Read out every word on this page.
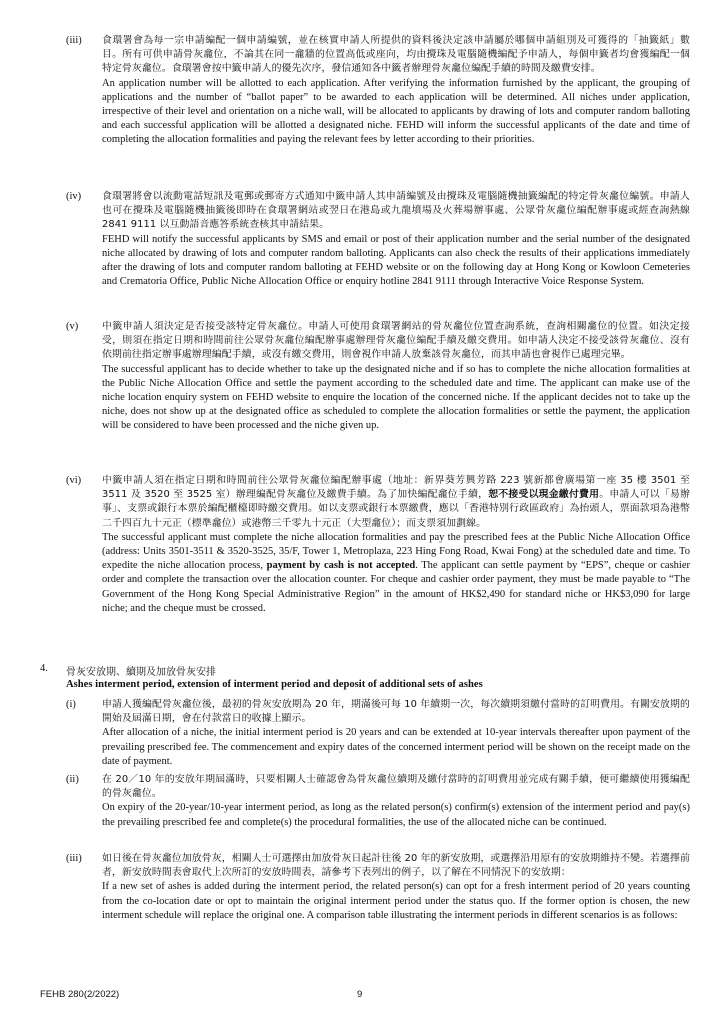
(iii) 食環署會為每一宗申請編配一個申請編號，並在核實申請人所提供的資料後決定該申請屬於哪個申請組別及可獲得的「抽籤紙」數目。所有可供申請骨灰龕位，不論其在同一龕牆的位置高低或座向，均由攪珠及電腦隨機編配予申請人，每個申籤者均會獲編配一個特定骨灰龕位。食環署會按中籤申請人的優先次序，發信通知各中籤者辦理骨灰龕位編配手續的時間及繳費安排。
An application number will be allotted to each application. After verifying the information furnished by the applicant, the grouping of applications and the number of “ballot paper” to be awarded to each application will be determined. All niches under application, irrespective of their level and orientation on a niche wall, will be allocated to applicants by drawing of lots and computer random balloting and each successful application will be allotted a designated niche. FEHD will inform the successful applicants of the date and time of completing the allocation formalities and paying the relevant fees by letter according to their priorities.
(iv) 食環署將會以流動電話短訊及電郵或郵寄方式通知中籤申請人其申請編號及由攪珠及電腦隨機抽籤編配的特定骨灰龕位編號。申請人也可在攪珠及電腦隨機抽籤後即時在食環署網站或翌日在港島或九龍墳場及火葬場辦事處、公眾骨灰龕位編配辦事處或經查詢熱線 2841 9111 以互動語音應答系統查核其申請結果。
FEHD will notify the successful applicants by SMS and email or post of their application number and the serial number of the designated niche allocated by drawing of lots and computer random balloting. Applicants can also check the results of their applications immediately after the drawing of lots and computer random balloting at FEHD website or on the following day at Hong Kong or Kowloon Cemeteries and Crematoria Office, Public Niche Allocation Office or enquiry hotline 2841 9111 through Interactive Voice Response System.
(v) 中籤申請人須決定是否接受該特定骨灰龕位。申請人可使用食環署網站的骨灰龕位位置查詢系統，查詢相關龕位的位置。如決定接受，則須在指定日期和時間前往公眾骨灰龕位編配辦事處辦理骨灰龕位編配手續及繳交費用。如申請人決定不接受該骨灰龕位、沒有依期前往指定辦事處辦理編配手續，或沒有繳交費用，則會視作申請人放棄該骨灰龕位，而其申請也會視作已處理完畢。
The successful applicant has to decide whether to take up the designated niche and if so has to complete the niche allocation formalities at the Public Niche Allocation Office and settle the payment according to the scheduled date and time. The applicant can make use of the niche location enquiry system on FEHD website to enquire the location of the concerned niche. If the applicant decides not to take up the niche, does not show up at the designated office as scheduled to complete the allocation formalities or settle the payment, the application will be considered to have been processed and the niche given up.
(vi) 中籤申請人須在指定日期和時間前往公眾骨灰龕位編配辦事處（地址：新界葵芳興芳路 223 號新都會廣場第一座 35 樓 3501 至 3511 及 3520 至 3525 室）辦理編配骨灰龕位及繳費手續。為了加快編配龕位手續，恕不接受以現金繳付費用。申請人可以「易辦事」、支票或銀行本票於編配櫃檯即時繳交費用。如以支票或銀行本票繳費，應以「香港特別行政區政府」為抬頭人，票面款項為港幣二千四百九十元正（標準龕位）或港幣三千零九十元正（大型龕位）；而支票須加劃線。
The successful applicant must complete the niche allocation formalities and pay the prescribed fees at the Public Niche Allocation Office (address: Units 3501-3511 & 3520-3525, 35/F, Tower 1, Metroplaza, 223 Hing Fong Road, Kwai Fong) at the scheduled date and time. To expedite the niche allocation process, payment by cash is not accepted. The applicant can settle payment by “EPS”, cheque or cashier order and complete the transaction over the allocation counter. For cheque and cashier order payment, they must be made payable to “The Government of the Hong Kong Special Administrative Region” in the amount of HK$2,490 for standard niche or HK$3,090 for large niche; and the cheque must be crossed.
4. 骨灰安放期、續期及加放骨灰安排
Ashes interment period, extension of interment period and deposit of additional sets of ashes
(i)	申請人獲編配骨灰龕位後，最初的骨灰安放期為 20 年，期滿後可每 10 年續期一次，每次續期須繳付當時的訂明費用。有關安放期的開始及屆滿日期，會在付款當日的收據上顯示。
After allocation of a niche, the initial interment period is 20 years and can be extended at 10-year intervals thereafter upon payment of the prevailing prescribed fee. The commencement and expiry dates of the concerned interment period will be shown on the receipt made on the date of payment.
(ii) 在 20／10 年的安放年期屆滿時，只要相關人士確認會為骨灰龕位續期及繳付當時的訂明費用並完成有關手續，便可繼續使用獲編配的骨灰龕位。
On expiry of the 20-year/10-year interment period, as long as the related person(s) confirm(s) extension of the interment period and pay(s) the prevailing prescribed fee and complete(s) the procedural formalities, the use of the allocated niche can be continued.
(iii) 如日後在骨灰龕位加放骨灰，相關人士可選擇由加放骨灰日起計往後 20 年的新安放期，或選擇沿用原有的安放期維持不變。若選擇前者，新安放時間表會取代上次所訂的安放時間表，請參考下表列出的例子，以了解在不同情況下的安放期：
If a new set of ashes is added during the interment period, the related person(s) can opt for a fresh interment period of 20 years counting from the co-location date or opt to maintain the original interment period under the status quo. If the former option is chosen, the new interment schedule will replace the original one. A comparison table illustrating the interment periods in different scenarios is as follows:
FEHB 280(2/2022)	9
